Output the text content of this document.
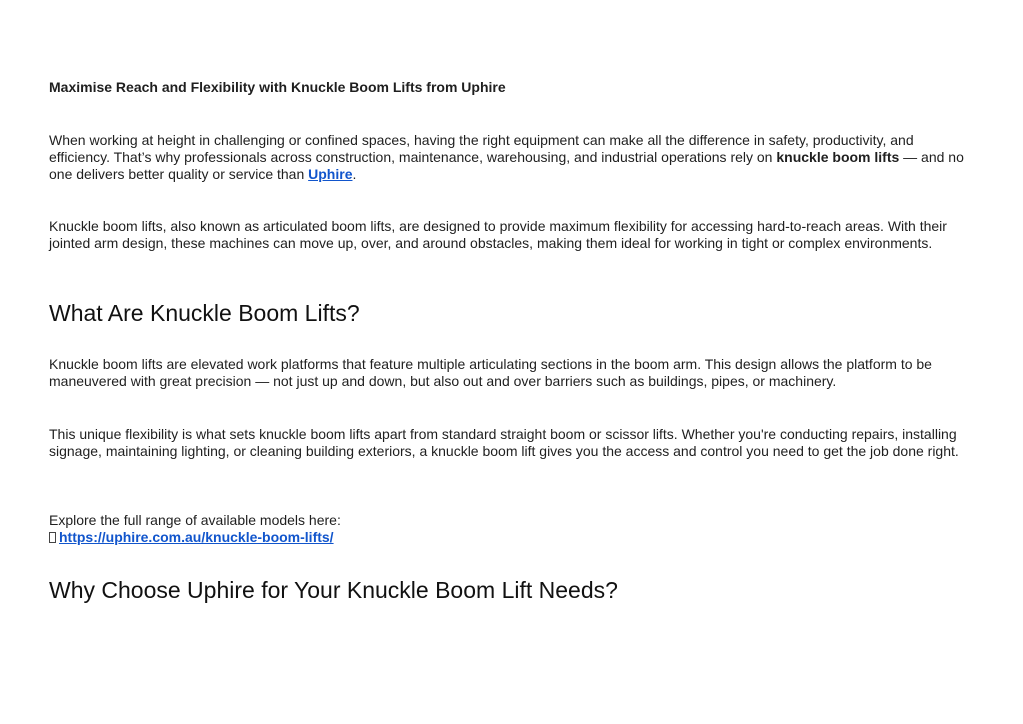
Maximise Reach and Flexibility with Knuckle Boom Lifts from Uphire

When working at height in challenging or confined spaces, having the right equipment can make all the difference in safety, productivity, and efficiency. That’s why professionals across construction, maintenance, warehousing, and industrial operations rely on knuckle boom lifts — and no one delivers better quality or service than Uphire.

Knuckle boom lifts, also known as articulated boom lifts, are designed to provide maximum flexibility for accessing hard-to-reach areas. With their jointed arm design, these machines can move up, over, and around obstacles, making them ideal for working in tight or complex environments.

What Are Knuckle Boom Lifts?

Knuckle boom lifts are elevated work platforms that feature multiple articulating sections in the boom arm. This design allows the platform to be maneuvered with great precision — not just up and down, but also out and over barriers such as buildings, pipes, or machinery.

This unique flexibility is what sets knuckle boom lifts apart from standard straight boom or scissor lifts. Whether you're conducting repairs, installing signage, maintaining lighting, or cleaning building exteriors, a knuckle boom lift gives you the access and control you need to get the job done right.

Explore the full range of available models here:
https://uphire.com.au/knuckle-boom-lifts/

Why Choose Uphire for Your Knuckle Boom Lift Needs?
